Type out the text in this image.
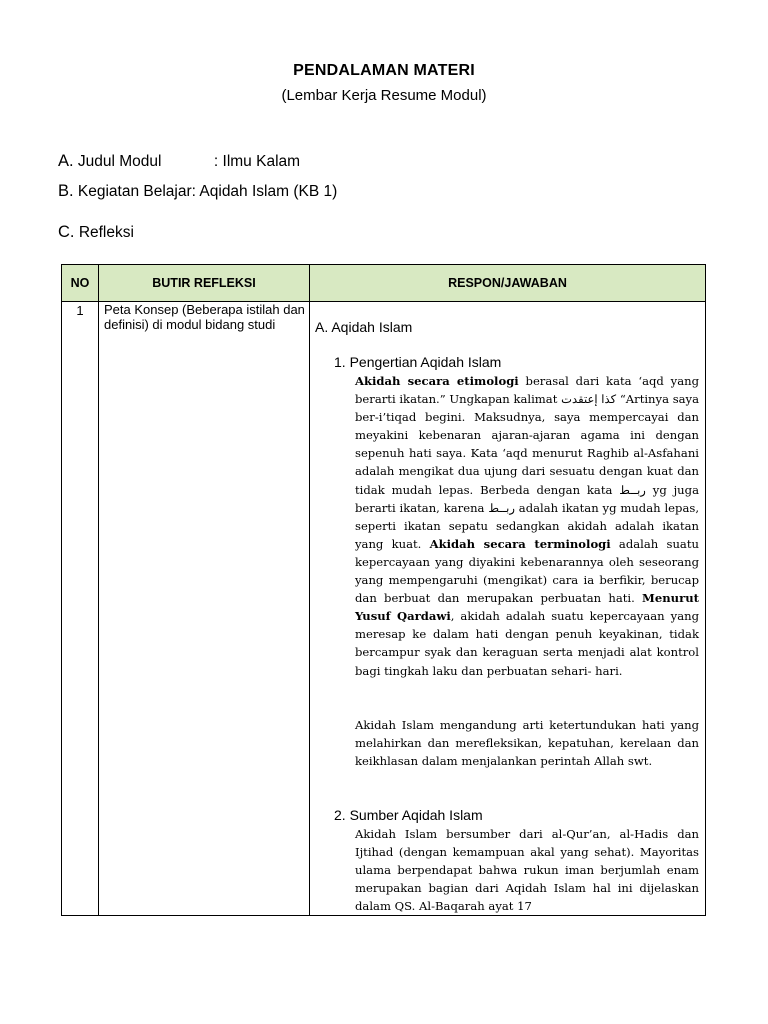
PENDALAMAN MATERI
(Lembar Kerja Resume Modul)
A. Judul Modul	: Ilmu Kalam
B. Kegiatan Belajar: Aqidah Islam (KB 1)
C. Refleksi
NO	BUTIR REFLEKSI	RESPON/JAWABAN
1	Peta Konsep (Beberapa istilah dan definisi) di modul bidang studi	A. Aqidah Islam
1. Pengertian Aqidah Islam
Akidah secara etimologi berasal dari kata ‘aqd yang berarti ikatan.” Ungkapan kalimat كذا إعتقدت “Artinya saya ber-i’tiqad begini. Maksudnya, saya mempercayai dan meyakini kebenaran ajaran-ajaran agama ini dengan sepenuh hati saya. Kata ‘aqd menurut Raghib al-Asfahani adalah mengikat dua ujung dari sesuatu dengan kuat dan tidak mudah lepas. Berbeda dengan kata ربــط yg juga berarti ikatan, karena ربــط adalah ikatan yg mudah lepas, seperti ikatan sepatu sedangkan akidah adalah ikatan yang kuat. Akidah secara terminologi adalah suatu kepercayaan yang diyakini kebenarannya oleh seseorang yang mempengaruhi (mengikat) cara ia berfikir, berucap dan berbuat dan merupakan perbuatan hati. Menurut Yusuf Qardawi, akidah adalah suatu kepercayaan yang meresap ke dalam hati dengan penuh keyakinan, tidak bercampur syak dan keraguan serta menjadi alat kontrol bagi tingkah laku dan perbuatan sehari- hari.
Akidah Islam mengandung arti ketertundukan hati yang melahirkan dan merefleksikan, kepatuhan, kerelaan dan keikhlasan dalam menjalankan perintah Allah swt.
2. Sumber Aqidah Islam
Akidah Islam bersumber dari al-Qur’an, al-Hadis dan Ijtihad (dengan kemampuan akal yang sehat). Mayoritas ulama berpendapat bahwa rukun iman berjumlah enam merupakan bagian dari Aqidah Islam hal ini dijelaskan dalam QS. Al-Baqarah ayat 17
